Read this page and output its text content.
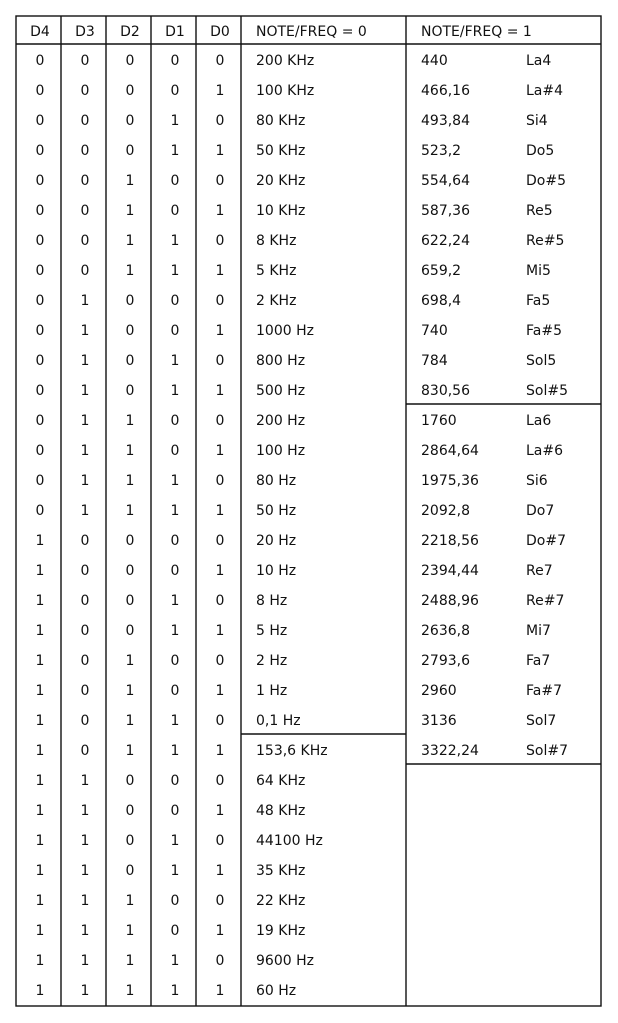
D4 D3 D2 D1 D0 NOTE/FREQ = 0	NOTE/FREQ = 1
0	0	0	0	0 200 KHz	440	La4
0	0	0	0	1 100 KHz	466,16	La#4
0	0	0	1	0 80 KHz	493,84	Si4
0	0	0	1	1 50 KHz	523,2	Do5
0	0	1	0	0 20 KHz	554,64	Do#5
0	0	1	0	1 10 KHz	587,36	Re5
0	0	1	1	0 8 KHz	622,24	Re#5
0	0	1	1	1 5 KHz	659,2	Mi5
0	1	0	0	0 2 KHz	698,4	Fa5
0	1	0	0	1 1000 Hz	740	Fa#5
0	1	0	1	0 800 Hz	784	Sol5
0	1	0	1	1 500 Hz	830,56	Sol#5
0	1	1	0	0 200 Hz	1760	La6
0	1	1	0	1 100 Hz	2864,64	La#6
0	1	1	1	0 80 Hz	1975,36	Si6
0	1	1	1	1 50 Hz	2092,8	Do7
1	0	0	0	0 20 Hz	2218,56	Do#7
1	0	0	0	1 10 Hz	2394,44	Re7
1	0	0	1	0 8 Hz	2488,96	Re#7
1	0	0	1	1 5 Hz	2636,8	Mi7
1	0	1	0	0 2 Hz	2793,6	Fa7
1	0	1	0	1 1 Hz	2960	Fa#7
1	0	1	1	0 0,1 Hz	3136	Sol7
1	0	1	1	1 153,6 KHz	3322,24	Sol#7
1	1	0	0	0 64 KHz
1	1	0	0	1 48 KHz
1	1	0	1	0 44100 Hz
1	1	0	1	1 35 KHz
1	1	1	0	0 22 KHz
1	1	1	0	1 19 KHz
1	1	1	1	0 9600 Hz
1	1	1	1	1 60 Hz
